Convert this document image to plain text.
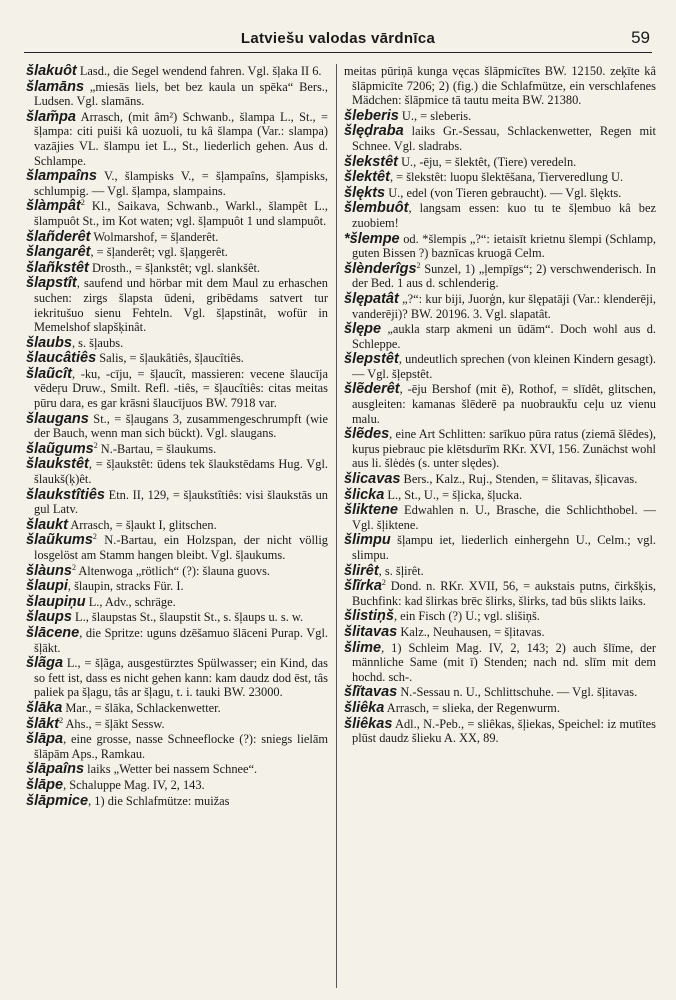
Latviešu valodas vārdnīca	59

šlakuôt Lasd., die Segel wendend fahren. Vgl. šļaka II 6.

šlamāns „miesās liels, bet bez kaula un spēka“ Bers., Ludsen. Vgl. slamāns.

šlam̃pa Arrasch, (mit âm²) Schwanb., šlampa L., St., = šļampa: citi puiši kâ uozuoli, tu kâ šlampa (Var.: slampa) vazājies VL. šlampu iet L., St., liederlich gehen. Aus d. Schlampe.

šlampaîns V., šlampisks V., = šļampaîns, šļampisks, schlumpig. — Vgl. šļampa, slampains.

šlàmpât$^2$ Kl., Saikava, Schwanb., Warkl., šlampêt L., šlampuôt St., im Kot waten; vgl. šļampuôt 1 und slampuôt.

šlañderêt Wolmarshof, = šļanderêt.

šlangarêt, = šļanderêt; vgl. šļaņgerêt.

šlañkstêt Drosth., = šļankstêt; vgl. slankšêt.

šlapstît, saufend und hörbar mit dem Maul zu erhaschen suchen: zirgs šlapsta ūdeni, gribēdams satvert tur iekritušuo sienu Fehteln. Vgl. šļapstinât, wofür in Memelshof slapšķinât.

šlaubs, s. šļaubs.

šlaucâtiês Salis, = šļaukâtiês, šļaucîtiês.

šlaũcît, -ku, -cīju, = šļaucît, massieren: vecene šlaucīja vēdeŗu Druw., Smilt. Refl. -tiês, = šļaucîtiês: citas meitas pūru dara, es gar krāsni šlaucījuos BW. 7918 var.

šlaugans St., = šļaugans 3, zusammengeschrumpft (wie der Bauch, wenn man sich bückt). Vgl. slaugans.

šlaũgums$^2$ N.-Bartau, = šlaukums.

šlaukstêt, = šļaukstêt: ūdens tek šlaukstēdams Hug. Vgl. šlaukš(ķ)êt.

šlaukstîtiês Etn. II, 129, = šļaukstîtiês: visi šlaukstās un gul Latv.

šlaukt Arrasch, = šļaukt I, glitschen.

šlaũkums$^2$ N.-Bartau, ein Holzspan, der nicht völlig losgelöst am Stamm hangen bleibt. Vgl. šļaukums.

šlàuns$^2$ Altenwoga „rötlich“ (?): šlauna guovs.

šlaupi, šlaupin, stracks Für. I.

šlaupiņu L., Adv., schräge.

šlaups L., šlaupstas St., šlaupstit St., s. šļaups u. s. w.

šlācene, die Spritze: uguns dzēšamuo šlāceni Purap. Vgl. šļākt.

šlãga L., = šļãga, ausgestürztes Spülwasser; ein Kind, das so fett ist, dass es nicht gehen kann: kam daudz dod ēst, tâs paliek pa šļagu, tâs ar šļagu, t. i. tauki BW. 23000.

šlāka Mar., = šlāka, Schlackenwetter.

šlākt$^2$ Ahs., = šļākt Sessw.

šlāpa, eine grosse, nasse Schneeflocke (?): sniegs lielām šlāpām Aps., Ramkau.

šlāpaîns laiks „Wetter bei nassem Schnee“.

šlāpe, Schaluppe Mag. IV, 2, 143.

šlāpmice, 1) die Schlafmütze: muižas

meitas pūriņā kunga vęcas šlāpmicītes BW. 12150. zeķīte kâ šlāpmicīte 7206; 2) (fig.) die Schlafmütze, ein verschlafenes Mädchen: šlāpmice tā tautu meita BW. 21380.

šleberis U., = sleberis.

šlęḍraba laiks Gr.-Sessau, Schlackenwetter, Regen mit Schnee. Vgl. sladrabs.

šlekstêt U., -ēju, = šlektêt, (Tiere) veredeln.

šlektêt, = šlekstêt: luopu šlektēšana, Tierveredlung U.

šlękts U., edel (von Tieren gebraucht). — Vgl. šlękts.

šlembuôt, langsam essen: kuo tu te šļembuo kâ bez zuobiem!

*šlempe od. *šlempis „?“: ietaisīt krietnu šlempi (Schlamp, guten Bissen ?) baznīcas kruogā Celm.

šlènderîgs$^2$ Sunzel, 1) „ļempīgs“; 2) verschwenderisch. In der Bed. 1 aus d. schlenderig.

šlępatât „?“: kur biji, Juorģn, kur šlępatāji (Var.: klenderēji, vanderēji)? BW. 20196. 3. Vgl. slapatât.

šlępe „aukla starp akmeni un ūdām“. Doch wohl aus d. Schleppe.

šlepstêt, undeutlich sprechen (von kleinen Kindern gesagt). — Vgl. šļepstêt.

šlẽderêt, -ēju Bershof (mit ẽ), Rothof, = slīdêt, glitschen, ausgleiten: kamanas šlēderē pa nuobraukt̄u ceļu uz vienu malu.

šlẽdes, eine Art Schlitten: sarīkuo pūra ratus (ziemā šlēdes), kuŗus piebrauc pie klētsdurīm RKr. XVI, 156. Zunächst wohl aus li. šlėdės (s. unter slędes).

šlicavas Bers., Kalz., Ruj., Stenden, = šlitavas, šļicavas.

šlicka L., St., U., = šļicka, šļucka.

šliktene Edwahlen n. U., Brasche, die Schlichthobel. — Vgl. šļiktene.

šlimpu šļampu iet, liederlich einhergehn U., Celm.; vgl. slimpu.

šlirêt, s. šļirêt.

šlĩrka$^2$ Dond. n. RKr. XVII, 56, = aukstais putns, čirkšķis, Buchfink: kad šlirkas brēc šlirks, šlirks, tad būs slikts laiks.

šlistiņš, ein Fisch (?) U.; vgl. slišiņš.

šlitavas Kalz., Neuhausen, = šļitavas.

šlime, 1) Schleim Mag. IV, 2, 143; 2) auch šlīme, der männliche Same (mit ī) Stenden; nach nd. slīm mit dem hochd. sch-.

šlĩtavas N.-Sessau n. U., Schlittschuhe. — Vgl. šļitavas.

šliêka Arrasch, = slieka, der Regenwurm.

šliêkas Adl., N.-Peb., = sliêkas, šļiekas, Speichel: iz mutītes plūst daudz šlieku A. XX, 89.
